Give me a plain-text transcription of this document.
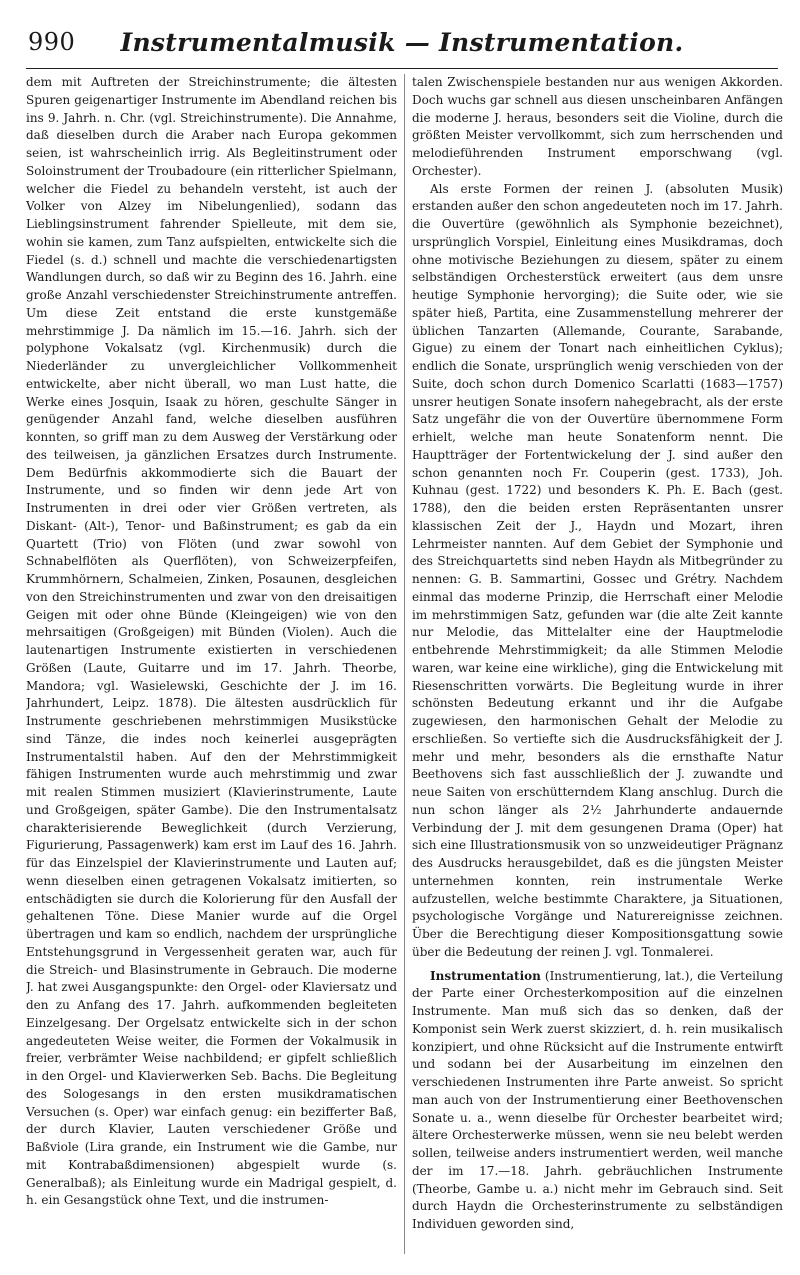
990	Instrumentalmusik — Instrumentation.

dem mit Auftreten der Streichinstrumente; die ältesten Spuren geigenartiger Instrumente im Abendland reichen bis ins 9. Jahrh. n. Chr. (vgl. Streichinstrumente). Die Annahme, daß dieselben durch die Araber nach Europa gekommen seien, ist wahrscheinlich irrig. Als Begleitinstrument oder Soloinstrument der Troubadoure (ein ritterlicher Spielmann, welcher die Fiedel zu behandeln versteht, ist auch der Volker von Alzey im Nibelungenlied), sodann das Lieblingsinstrument fahrender Spielleute, mit dem sie, wohin sie kamen, zum Tanz aufspielten, entwickelte sich die Fiedel (s. d.) schnell und machte die verschiedenartigsten Wandlungen durch, so daß wir zu Beginn des 16. Jahrh. eine große Anzahl verschiedenster Streichinstrumente antreffen. Um diese Zeit entstand die erste kunstgemäße mehrstimmige J. Da nämlich im 15.—16. Jahrh. sich der polyphone Vokalsatz (vgl. Kirchenmusik) durch die Niederländer zu unvergleichlicher Vollkommenheit entwickelte, aber nicht überall, wo man Lust hatte, die Werke eines Josquin, Isaak zu hören, geschulte Sänger in genügender Anzahl fand, welche dieselben ausführen konnten, so griff man zu dem Ausweg der Verstärkung oder des teilweisen, ja gänzlichen Ersatzes durch Instrumente. Dem Bedürfnis akkommodierte sich die Bauart der Instrumente, und so finden wir denn jede Art von Instrumenten in drei oder vier Größen vertreten, als Diskant- (Alt-), Tenor- und Baßinstrument; es gab da ein Quartett (Trio) von Flöten (und zwar sowohl von Schnabelflöten als Querflöten), von Schweizerpfeifen, Krummhörnern, Schalmeien, Zinken, Posaunen, desgleichen von den Streichinstrumenten und zwar von den dreisaitigen Geigen mit oder ohne Bünde (Kleingeigen) wie von den mehrsaitigen (Großgeigen) mit Bünden (Violen). Auch die lautenartigen Instrumente existierten in verschiedenen Größen (Laute, Guitarre und im 17. Jahrh. Theorbe, Mandora; vgl. Wasielewski, Geschichte der J. im 16. Jahrhundert, Leipz. 1878). Die ältesten ausdrücklich für Instrumente geschriebenen mehrstimmigen Musikstücke sind Tänze, die indes noch keinerlei ausgeprägten Instrumentalstil haben. Auf den der Mehrstimmigkeit fähigen Instrumenten wurde auch mehrstimmig und zwar mit realen Stimmen musiziert (Klavierinstrumente, Laute und Großgeigen, später Gambe). Die den Instrumentalsatz charakterisierende Beweglichkeit (durch Verzierung, Figurierung, Passagenwerk) kam erst im Lauf des 16. Jahrh. für das Einzelspiel der Klavierinstrumente und Lauten auf; wenn dieselben einen getragenen Vokalsatz imitierten, so entschädigten sie durch die Kolorierung für den Ausfall der gehaltenen Töne. Diese Manier wurde auf die Orgel übertragen und kam so endlich, nachdem der ursprüngliche Entstehungsgrund in Vergessenheit geraten war, auch für die Streich- und Blasinstrumente in Gebrauch. Die moderne J. hat zwei Ausgangspunkte: den Orgel- oder Klaviersatz und den zu Anfang des 17. Jahrh. aufkommenden begleiteten Einzelgesang. Der Orgelsatz entwickelte sich in der schon angedeuteten Weise weiter, die Formen der Vokalmusik in freier, verbrämter Weise nachbildend; er gipfelt schließlich in den Orgel- und Klavierwerken Seb. Bachs. Die Begleitung des Sologesangs in den ersten musikdramatischen Versuchen (s. Oper) war einfach genug: ein bezifferter Baß, der durch Klavier, Lauten verschiedener Größe und Baßviole (Lira grande, ein Instrument wie die Gambe, nur mit Kontrabaßdimensionen) abgespielt wurde (s. Generalbaß); als Einleitung wurde ein Madrigal gespielt, d. h. ein Gesangstück ohne Text, und die instrumen-

talen Zwischenspiele bestanden nur aus wenigen Akkorden. Doch wuchs gar schnell aus diesen unscheinbaren Anfängen die moderne J. heraus, besonders seit die Violine, durch die größten Meister vervollkommt, sich zum herrschenden und melodieführenden Instrument emporschwang (vgl. Orchester).

Als erste Formen der reinen J. (absoluten Musik) erstanden außer den schon angedeuteten noch im 17. Jahrh. die Ouvertüre (gewöhnlich als Symphonie bezeichnet), ursprünglich Vorspiel, Einleitung eines Musikdramas, doch ohne motivische Beziehungen zu diesem, später zu einem selbständigen Orchesterstück erweitert (aus dem unsre heutige Symphonie hervorging); die Suite oder, wie sie später hieß, Partita, eine Zusammenstellung mehrerer der üblichen Tanzarten (Allemande, Courante, Sarabande, Gigue) zu einem der Tonart nach einheitlichen Cyklus); endlich die Sonate, ursprünglich wenig verschieden von der Suite, doch schon durch Domenico Scarlatti (1683—1757) unsrer heutigen Sonate insofern nahegebracht, als der erste Satz ungefähr die von der Ouvertüre übernommene Form erhielt, welche man heute Sonatenform nennt. Die Hauptträger der Fortentwickelung der J. sind außer den schon genannten noch Fr. Couperin (gest. 1733), Joh. Kuhnau (gest. 1722) und besonders K. Ph. E. Bach (gest. 1788), den die beiden ersten Repräsentanten unsrer klassischen Zeit der J., Haydn und Mozart, ihren Lehrmeister nannten. Auf dem Gebiet der Symphonie und des Streichquartetts sind neben Haydn als Mitbegründer zu nennen: G. B. Sammartini, Gossec und Grétry. Nachdem einmal das moderne Prinzip, die Herrschaft einer Melodie im mehrstimmigen Satz, gefunden war (die alte Zeit kannte nur Melodie, das Mittelalter eine der Hauptmelodie entbehrende Mehrstimmigkeit; da alle Stimmen Melodie waren, war keine eine wirkliche), ging die Entwickelung mit Riesenschritten vorwärts. Die Begleitung wurde in ihrer schönsten Bedeutung erkannt und ihr die Aufgabe zugewiesen, den harmonischen Gehalt der Melodie zu erschließen. So vertiefte sich die Ausdrucksfähigkeit der J. mehr und mehr, besonders als die ernsthafte Natur Beethovens sich fast ausschließlich der J. zuwandte und neue Saiten von erschütterndem Klang anschlug. Durch die nun schon länger als 2½ Jahrhunderte andauernde Verbindung der J. mit dem gesungenen Drama (Oper) hat sich eine Illustrationsmusik von so unzweideutiger Prägnanz des Ausdrucks herausgebildet, daß es die jüngsten Meister unternehmen konnten, rein instrumentale Werke aufzustellen, welche bestimmte Charaktere, ja Situationen, psychologische Vorgänge und Naturereignisse zeichnen. Über die Berechtigung dieser Kompositionsgattung sowie über die Bedeutung der reinen J. vgl. Tonmalerei.

Instrumentation (Instrumentierung, lat.), die Verteilung der Parte einer Orchesterkomposition auf die einzelnen Instrumente. Man muß sich das so denken, daß der Komponist sein Werk zuerst skizziert, d. h. rein musikalisch konzipiert, und ohne Rücksicht auf die Instrumente entwirft und sodann bei der Ausarbeitung im einzelnen den verschiedenen Instrumenten ihre Parte anweist. So spricht man auch von der Instrumentierung einer Beethovenschen Sonate u. a., wenn dieselbe für Orchester bearbeitet wird; ältere Orchesterwerke müssen, wenn sie neu belebt werden sollen, teilweise anders instrumentiert werden, weil manche der im 17.—18. Jahrh. gebräuchlichen Instrumente (Theorbe, Gambe u. a.) nicht mehr im Gebrauch sind. Seit durch Haydn die Orchesterinstrumente zu selbständigen Individuen geworden sind,
